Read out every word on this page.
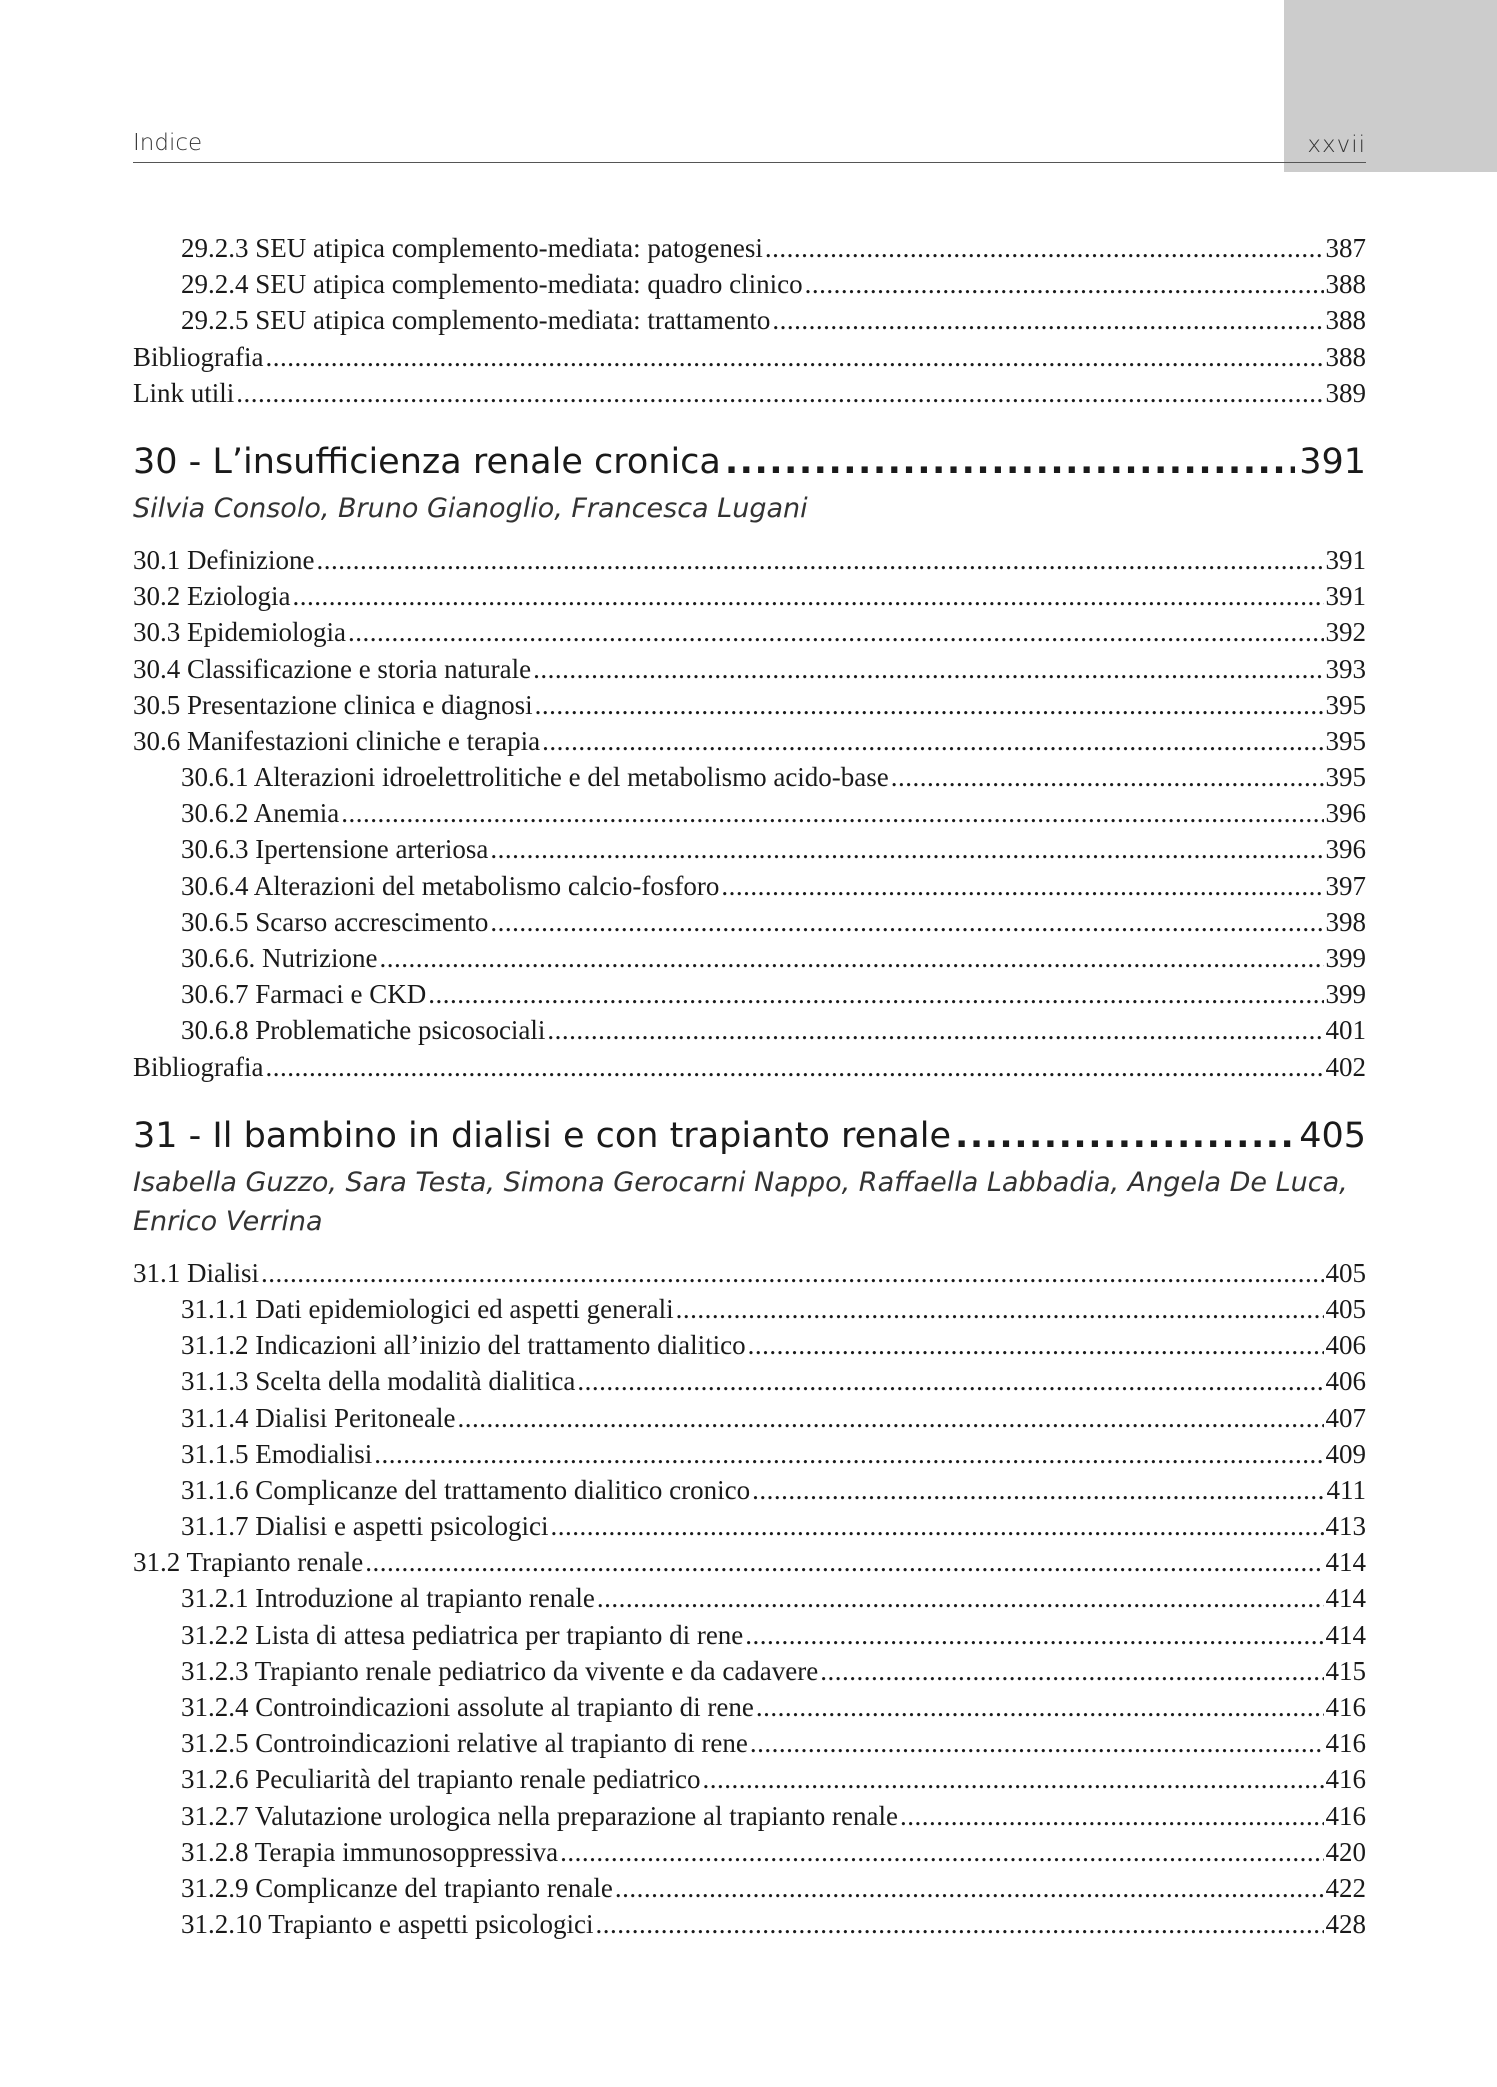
Indice	xxvii
29.2.3 SEU atipica complemento-mediata: patogenesi .....	387
29.2.4 SEU atipica complemento-mediata: quadro clinico .....	388
29.2.5 SEU atipica complemento-mediata: trattamento .....	388
Bibliografia .....	388
Link utili .....	389
30 - L’insufficienza renale cronica .....	391
Silvia Consolo, Bruno Gianoglio, Francesca Lugani
30.1 Definizione .....	391
30.2 Eziologia .....	391
30.3 Epidemiologia .....	392
30.4 Classificazione e storia naturale .....	393
30.5 Presentazione clinica e diagnosi .....	395
30.6 Manifestazioni cliniche e terapia .....	395
30.6.1 Alterazioni idroelettrolitiche e del metabolismo acido-base .....	395
30.6.2 Anemia .....	396
30.6.3 Ipertensione arteriosa .....	396
30.6.4 Alterazioni del metabolismo calcio-fosforo .....	397
30.6.5 Scarso accrescimento .....	398
30.6.6. Nutrizione .....	399
30.6.7 Farmaci e CKD .....	399
30.6.8 Problematiche psicosociali .....	401
Bibliografia .....	402
31 - Il bambino in dialisi e con trapianto renale .....	405
Isabella Guzzo, Sara Testa, Simona Gerocarni Nappo, Raffaella Labbadia, Angela De Luca, Enrico Verrina
31.1 Dialisi .....	405
31.1.1 Dati epidemiologici ed aspetti generali .....	405
31.1.2 Indicazioni all’inizio del trattamento dialitico .....	406
31.1.3 Scelta della modalità dialitica .....	406
31.1.4 Dialisi Peritoneale .....	407
31.1.5 Emodialisi .....	409
31.1.6 Complicanze del trattamento dialitico cronico .....	411
31.1.7 Dialisi e aspetti psicologici .....	413
31.2 Trapianto renale .....	414
31.2.1 Introduzione al trapianto renale .....	414
31.2.2 Lista di attesa pediatrica per trapianto di rene .....	414
31.2.3 Trapianto renale pediatrico da vivente e da cadavere .....	415
31.2.4 Controindicazioni assolute al trapianto di rene .....	416
31.2.5 Controindicazioni relative al trapianto di rene .....	416
31.2.6 Peculiarità del trapianto renale pediatrico .....	416
31.2.7 Valutazione urologica nella preparazione al trapianto renale .....	416
31.2.8 Terapia immunosoppressiva .....	420
31.2.9 Complicanze del trapianto renale .....	422
31.2.10 Trapianto e aspetti psicologici .....	428
